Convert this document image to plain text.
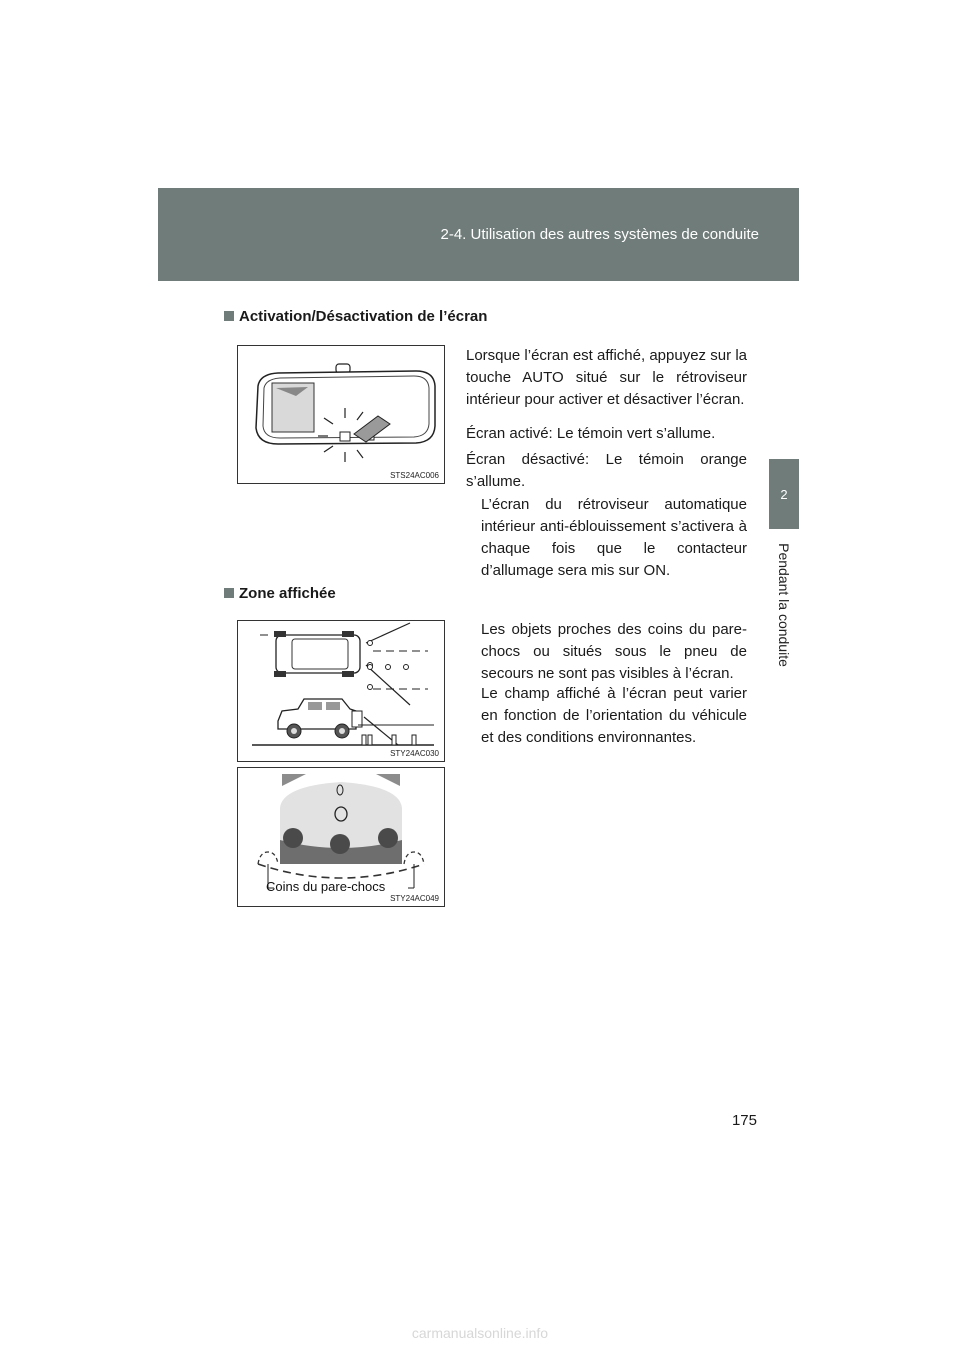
2-4. Utilisation des autres systèmes de conduite
2
Pendant la conduite
Activation/Désactivation de l’écran
STS24AC006

Lorsque l’écran est affiché, appuyez sur la touche AUTO situé sur le rétroviseur intérieur pour activer et désactiver l’écran.

Écran activé: Le témoin vert s’allume.

Écran désactivé: Le témoin orange s’allume.

L’écran du rétroviseur automatique intérieur anti-éblouissement s’activera à chaque fois que le contacteur d’allumage sera mis sur ON.

Zone affichée
STY24AC030
Coins du pare-chocs
STY24AC049

Les objets proches des coins du pare-chocs ou situés sous le pneu de secours ne sont pas visibles à l’écran.

Le champ affiché à l’écran peut varier en fonction de l’orientation du véhicule et des conditions environnantes.

175
carmanualsonline.info
